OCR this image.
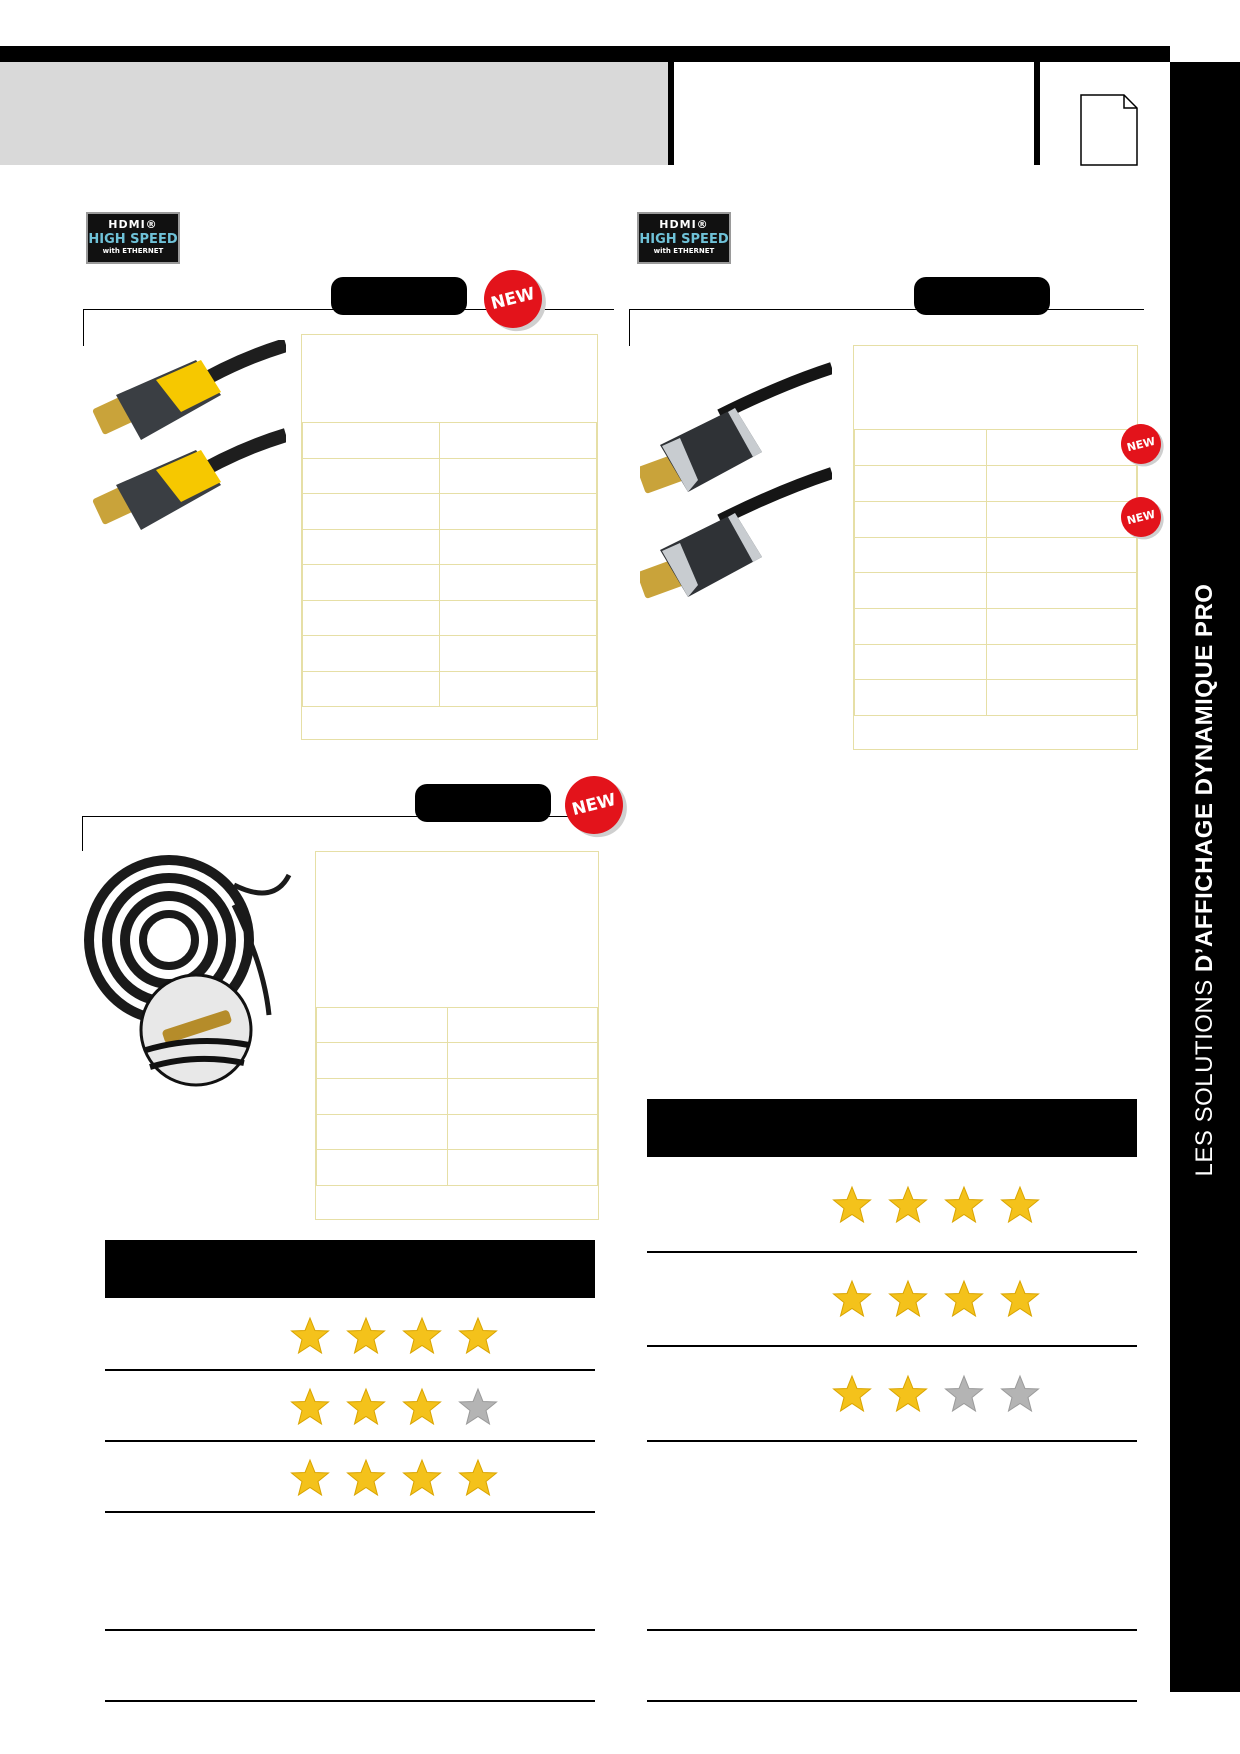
LES SOLUTIONS D’AFFICHAGE DYNAMIQUE PRO
HDMI®
HIGH SPEED
with ETHERNET
NEW

HDMI®
HIGH SPEED
with ETHERNET

NEW
NEW
NEW
